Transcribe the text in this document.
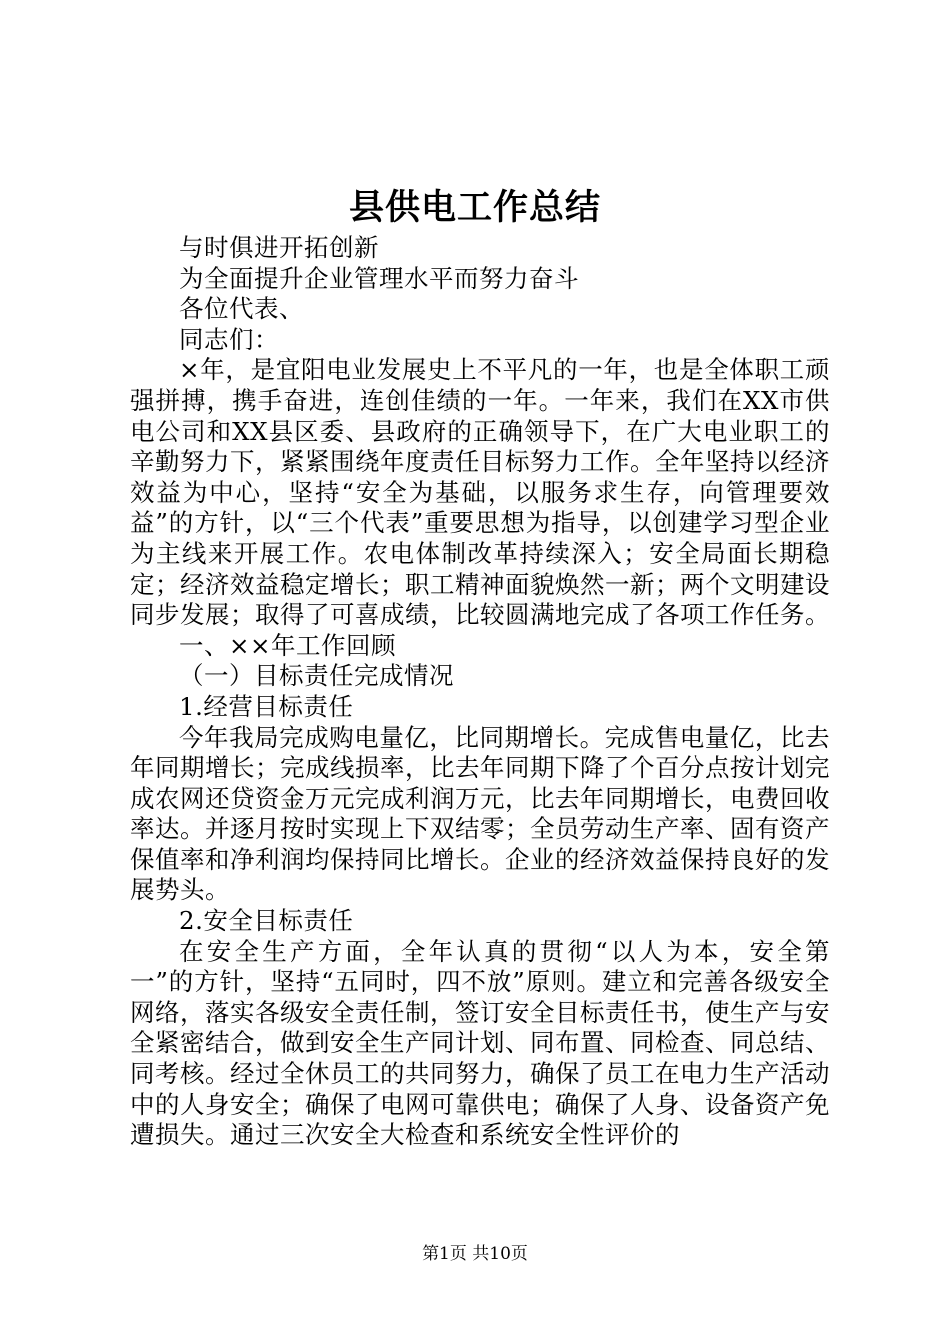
县供电工作总结

与时俱进开拓创新

为全面提升企业管理水平而努力奋斗

各位代表、

同志们：

×年，是宜阳电业发展史上不平凡的一年，也是全体职工顽强拼搏，携手奋进，连创佳绩的一年。一年来，我们在XX市供电公司和XX县区委、县政府的正确领导下，在广大电业职工的辛勤努力下，紧紧围绕年度责任目标努力工作。全年坚持以经济效益为中心，坚持“安全为基础，以服务求生存，向管理要效益”的方针，以“三个代表”重要思想为指导，以创建学习型企业为主线来开展工作。农电体制改革持续深入；安全局面长期稳定；经济效益稳定增长；职工精神面貌焕然一新；两个文明建设同步发展；取得了可喜成绩，比较圆满地完成了各项工作任务。

一、××年工作回顾

（一）目标责任完成情况

1.经营目标责任

今年我局完成购电量亿，比同期增长。完成售电量亿，比去年同期增长；完成线损率，比去年同期下降了个百分点按计划完成农网还贷资金万元完成利润万元，比去年同期增长，电费回收率达。并逐月按时实现上下双结零；全员劳动生产率、固有资产保值率和净利润均保持同比增长。企业的经济效益保持良好的发展势头。

2.安全目标责任

在安全生产方面，全年认真的贯彻“以人为本，安全第一”的方针，坚持“五同时，四不放”原则。建立和完善各级安全网络，落实各级安全责任制，签订安全目标责任书，使生产与安全紧密结合，做到安全生产同计划、同布置、同检查、同总结、同考核。经过全休员工的共同努力，确保了员工在电力生产活动中的人身安全；确保了电网可靠供电；确保了人身、设备资产免遭损失。通过三次安全大检查和系统安全性评价的

第1页 共10页
